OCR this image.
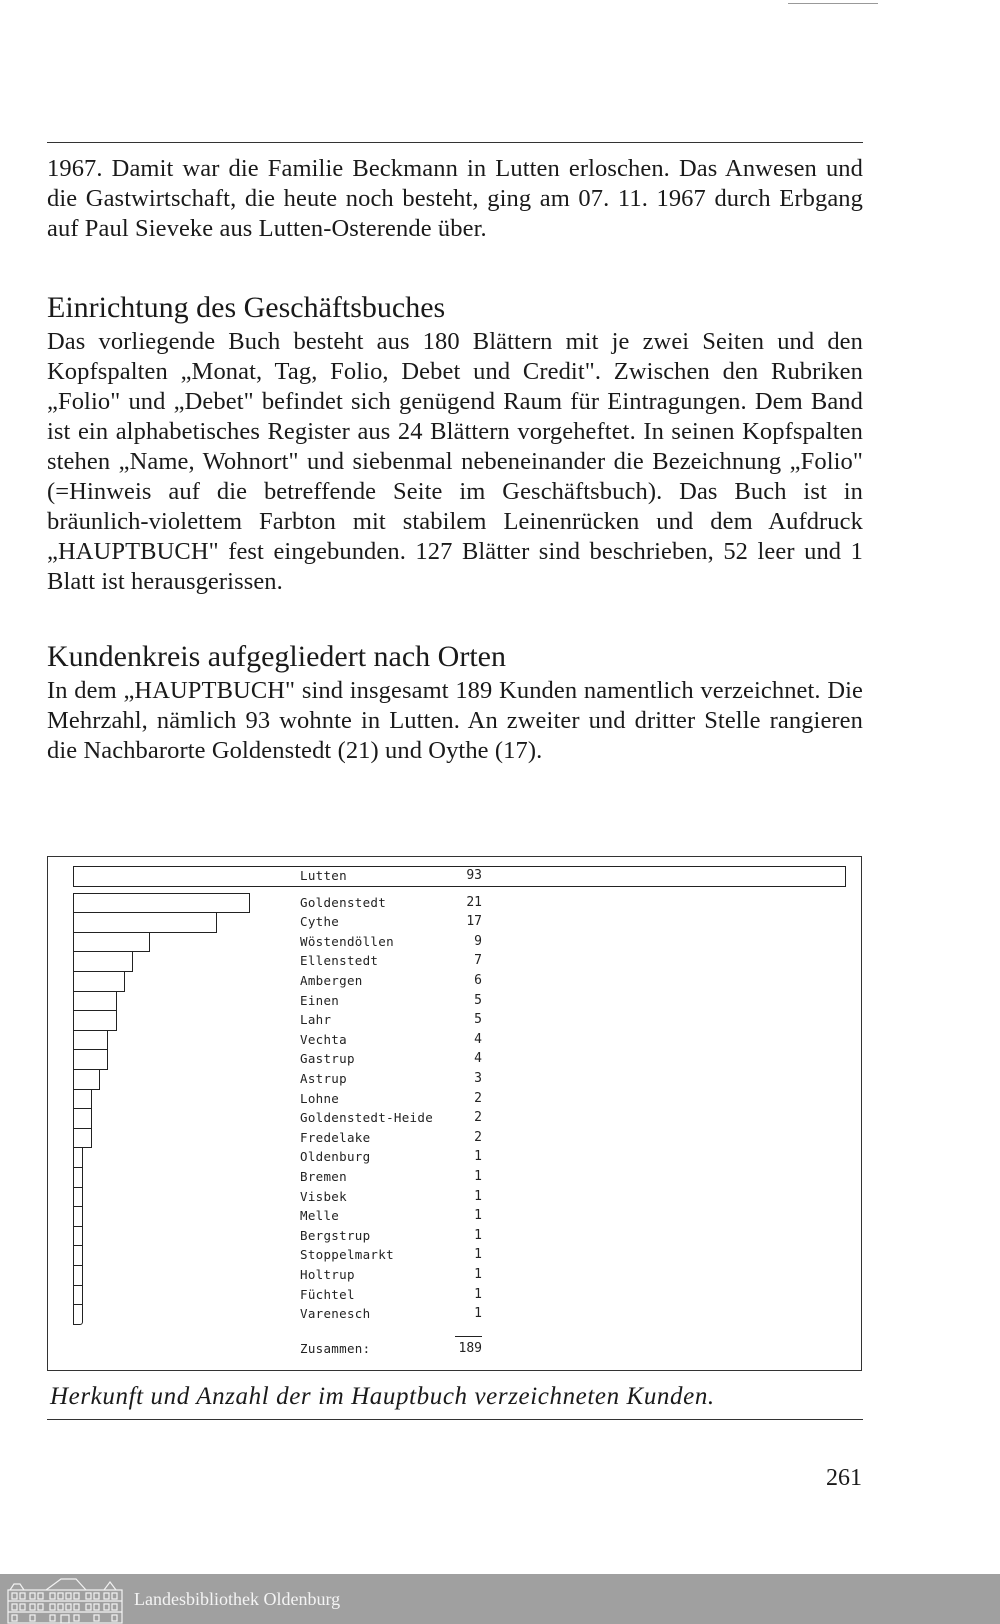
1967. Damit war die Familie Beckmann in Lutten erloschen. Das Anwesen und die Gastwirtschaft, die heute noch besteht, ging am 07. 11. 1967 durch Erbgang auf Paul Sieveke aus Lutten-Osterende über.

Einrichtung des Geschäftsbuches

Das vorliegende Buch besteht aus 180 Blättern mit je zwei Seiten und den Kopfspalten „Monat, Tag, Folio, Debet und Credit". Zwischen den Rubriken „Folio" und „Debet" befindet sich genügend Raum für Eintragungen. Dem Band ist ein alphabetisches Register aus 24 Blättern vorgeheftet. In seinen Kopfspalten stehen „Name, Wohnort" und siebenmal nebeneinander die Bezeichnung „Folio" (=Hinweis auf die betreffende Seite im Geschäftsbuch). Das Buch ist in bräunlich-violettem Farbton mit stabilem Leinenrücken und dem Aufdruck „HAUPTBUCH" fest eingebunden. 127 Blätter sind beschrieben, 52 leer und 1 Blatt ist herausgerissen.

Kundenkreis aufgegliedert nach Orten

In dem „HAUPTBUCH" sind insgesamt 189 Kunden namentlich verzeichnet. Die Mehrzahl, nämlich 93 wohnte in Lutten. An zweiter und dritter Stelle rangieren die Nachbarorte Goldenstedt (21) und Oythe (17).

Lutten	93
Goldenstedt	21
Cythe	17
Wöstendöllen	9
Ellenstedt	7
Ambergen	6
Einen	5
Lahr	5
Vechta	4
Gastrup	4
Astrup	3
Lohne	2
Goldenstedt-Heide	2
Fredelake	2
Oldenburg	1
Bremen	1
Visbek	1
Melle	1
Bergstrup	1
Stoppelmarkt	1
Holtrup	1
Füchtel	1
Varenesch	1
Zusammen:	189
Herkunft und Anzahl der im Hauptbuch verzeichneten Kunden.
261
Landesbibliothek Oldenburg
